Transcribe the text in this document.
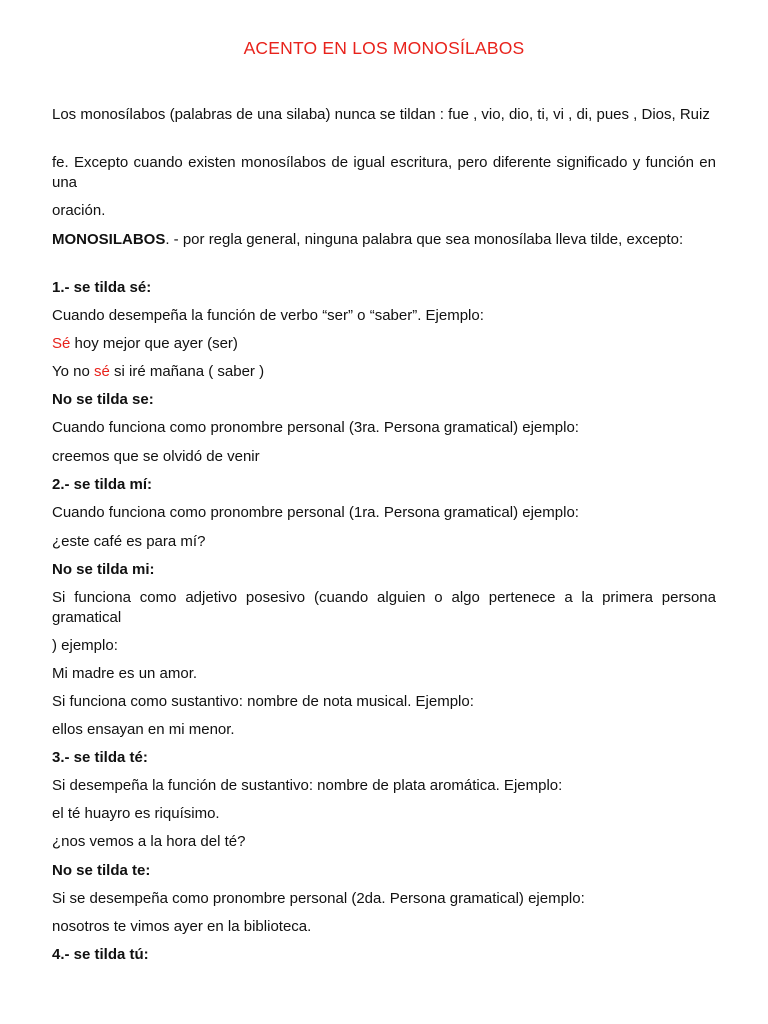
ACENTO EN LOS MONOSÍLABOS

Los monosílabos (palabras de una silaba) nunca se tildan : fue , vio, dio, ti, vi , di, pues , Dios, Ruiz

fe. Excepto cuando existen monosílabos de igual escritura, pero diferente significado y función en una

oración.

MONOSILABOS. - por regla general, ninguna palabra que sea monosílaba lleva tilde, excepto:

1.- se tilda sé:

Cuando desempeña la función de verbo “ser” o “saber”. Ejemplo:

Sé hoy mejor que ayer (ser)

Yo no sé si iré mañana ( saber )

No se tilda se:

Cuando funciona como pronombre personal (3ra. Persona gramatical) ejemplo:

creemos que se olvidó de venir

2.- se tilda mí:

Cuando funciona como pronombre personal (1ra. Persona gramatical) ejemplo:

¿este café es para mí?

No se tilda mi:

Si funciona como adjetivo posesivo (cuando alguien o algo pertenece a la primera persona gramatical

) ejemplo:

Mi madre es un amor.

Si funciona como sustantivo: nombre de nota musical. Ejemplo:

ellos ensayan en mi menor.

3.- se tilda té:

Si desempeña la función de sustantivo: nombre de plata aromática. Ejemplo:

el té huayro es riquísimo.

¿nos vemos a la hora del té?

No se tilda te:

Si se desempeña como pronombre personal (2da. Persona gramatical) ejemplo:

nosotros te vimos ayer en la biblioteca.

4.- se tilda tú:
